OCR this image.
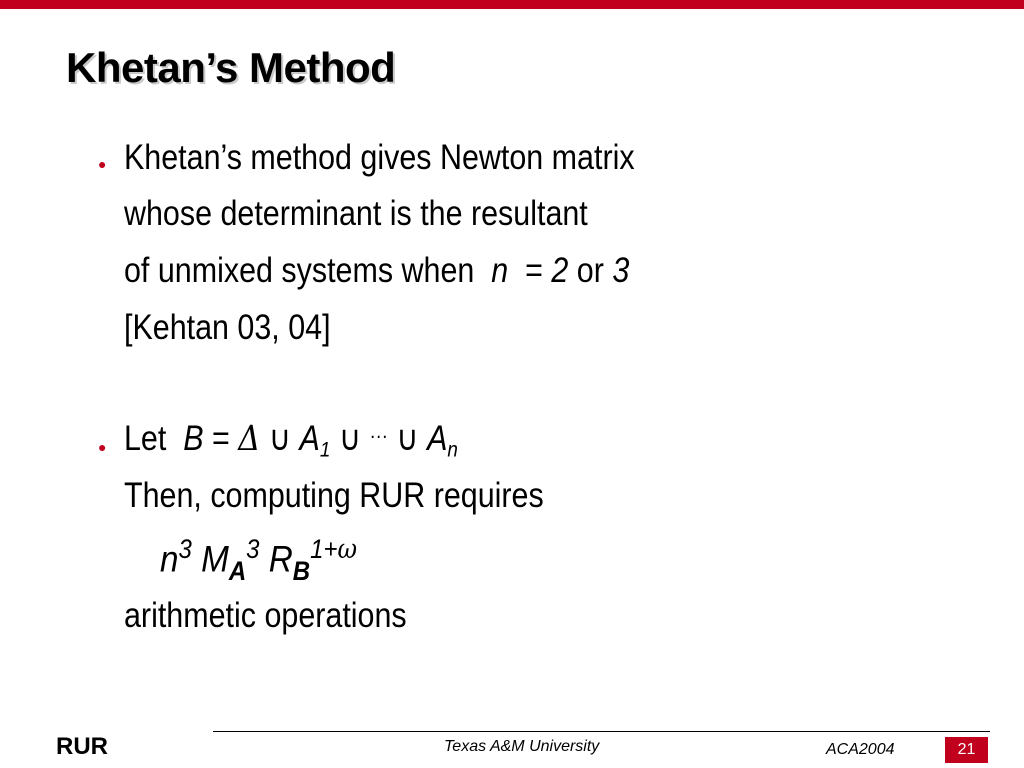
Khetan’s Method
● Khetan’s method gives Newton matrix
whose determinant is the resultant
of unmixed systems when n = 2 or 3
[Kehtan 03, 04]
● Let B = Δ ∪ $A_1$ ∪ ··· ∪ $A_n$
Then, computing RUR requires
$n^3$ $M_A^3$ $R_B^{1+\omega}$
arithmetic operations
RUR	Texas A&M University	ACA2004	21
